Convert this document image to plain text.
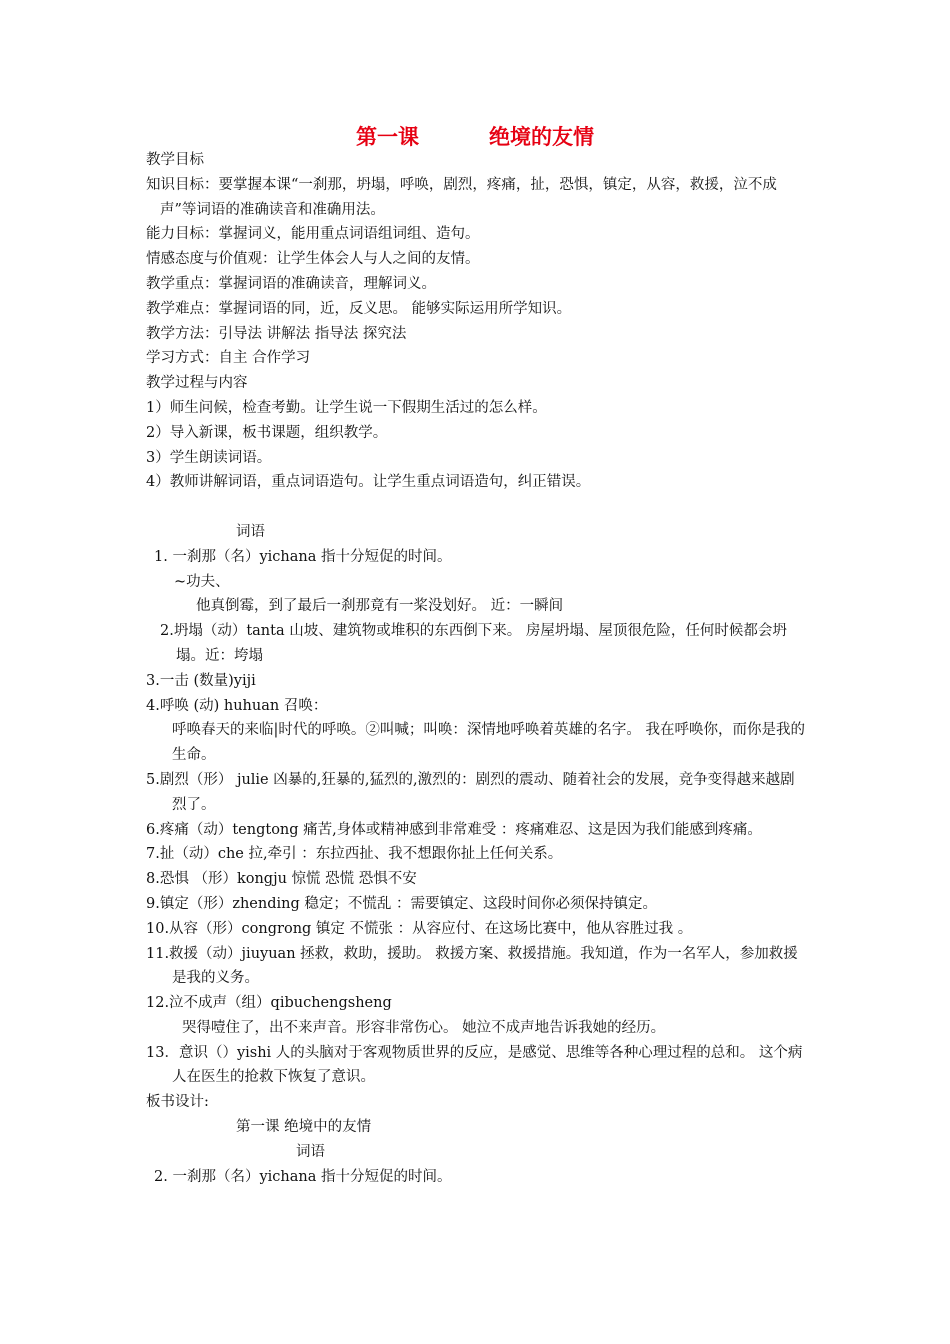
第一课	绝境的友情
教学目标
知识目标：要掌握本课“一刹那，坍塌，呼唤，剧烈，疼痛，扯，恐惧，镇定，从容，救援，泣不成声”等词语的准确读音和准确用法。
能力目标：掌握词义，能用重点词语组词组、造句。
情感态度与价值观：让学生体会人与人之间的友情。
教学重点：掌握词语的准确读音，理解词义。
教学难点：掌握词语的同，近，反义思。 能够实际运用所学知识。
教学方法：引导法 讲解法 指导法 探究法
学习方式：自主 合作学习
教学过程与内容
1）师生问候，检查考勤。让学生说一下假期生活过的怎么样。
2）导入新课，板书课题，组织教学。
3）学生朗读词语。
4）教师讲解词语，重点词语造句。让学生重点词语造句，纠正错误。
词语
1. 一刹那（名）yichana 指十分短促的时间。
~功夫、
他真倒霉，到了最后一刹那竟有一桨没划好。 近：一瞬间
2.坍塌（动）tanta 山坡、建筑物或堆积的东西倒下来。 房屋坍塌、屋顶很危险，任何时候都会坍塌。近：垮塌
3.一击 (数量)yiji
4.呼唤 (动) huhuan 召唤：
呼唤春天的来临|时代的呼唤。②叫喊；叫唤：深情地呼唤着英雄的名字。 我在呼唤你，而你是我的生命。
5.剧烈（形） julie 凶暴的,狂暴的,猛烈的,激烈的：剧烈的震动、随着社会的发展，竞争变得越来越剧烈了。
6.疼痛（动）tengtong 痛苦,身体或精神感到非常难受 ：疼痛难忍、这是因为我们能感到疼痛。
7.扯（动）che 拉,牵引 ：东拉西扯、我不想跟你扯上任何关系。
8.恐惧 （形）kongju 惊慌 恐慌 恐惧不安
9.镇定（形）zhending 稳定；不慌乱 ：需要镇定、这段时间你必须保持镇定。
10.从容（形）congrong 镇定 不慌张 ：从容应付、在这场比赛中，他从容胜过我 。
11.救援（动）jiuyuan 拯救，救助，援助。 救援方案、救援措施。我知道，作为一名军人，参加救援是我的义务。
12.泣不成声（组）qibuchengsheng
哭得噎住了，出不来声音。形容非常伤心。 她泣不成声地告诉我她的经历。
13．意识（）yishi 人的头脑对于客观物质世界的反应，是感觉、思维等各种心理过程的总和。 这个病人在医生的抢救下恢复了意识。
板书设计:
第一课 绝境中的友情
词语
2. 一刹那（名）yichana 指十分短促的时间。
